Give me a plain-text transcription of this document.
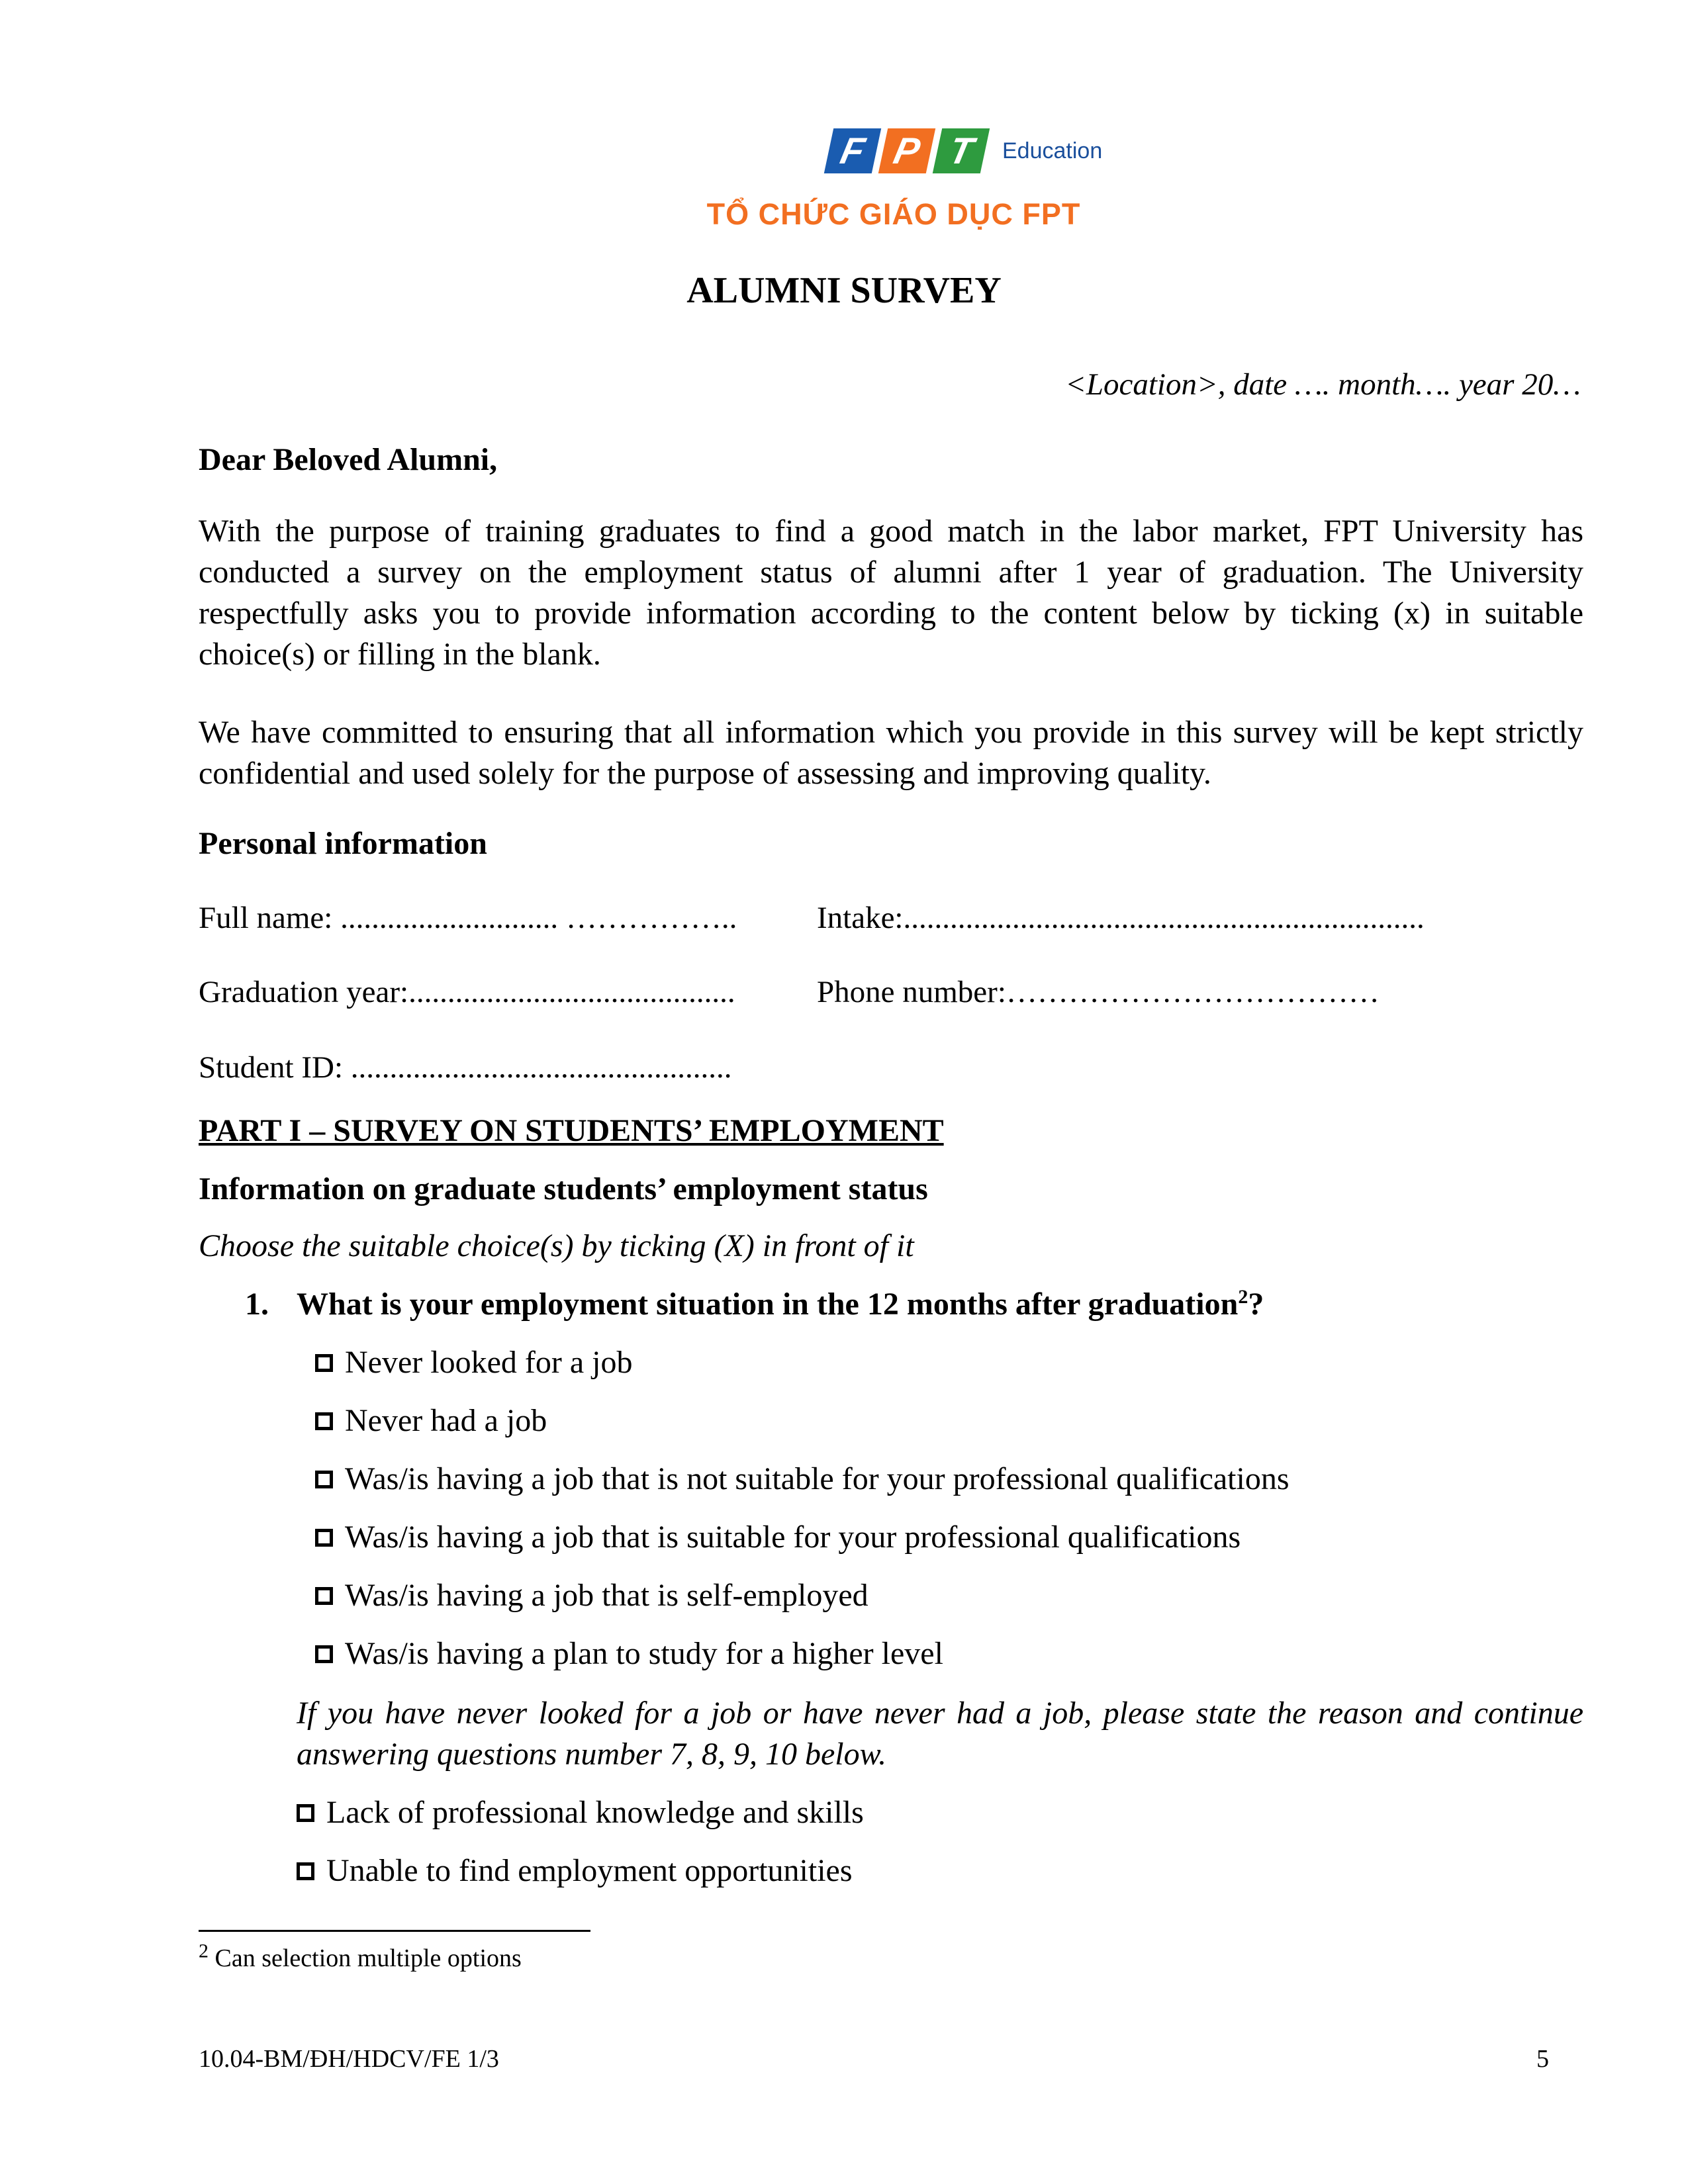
F P T	Education
TỔ CHỨC GIÁO DỤC FPT
ALUMNI SURVEY
<Location>, date …. month…. year 20…
Dear Beloved Alumni,
With the purpose of training graduates to find a good match in the labor market, FPT University has conducted a survey on the employment status of alumni after 1 year of graduation. The University respectfully asks you to provide information according to the content below by ticking (x) in suitable choice(s) or filling in the blank.
We have committed to ensuring that all information which you provide in this survey will be kept strictly confidential and used solely for the purpose of assessing and improving quality.
Personal information
Full name: ............................ ……………..	Intake:...................................................................
Graduation year:..........................................	Phone number:………………………………
Student ID: .................................................
PART I – SURVEY ON STUDENTS’ EMPLOYMENT
Information on graduate students’ employment status
Choose the suitable choice(s) by ticking (X) in front of it
1. What is your employment situation in the 12 months after graduation$^2$?
Never looked for a job
Never had a job
Was/is having a job that is not suitable for your professional qualifications
Was/is having a job that is suitable for your professional qualifications
Was/is having a job that is self-employed
Was/is having a plan to study for a higher level
If you have never looked for a job or have never had a job, please state the reason and continue answering questions number 7, 8, 9, 10 below.
Lack of professional knowledge and skills
Unable to find employment opportunities
$^2$ Can selection multiple options
10.04-BM/ĐH/HDCV/FE 1/3	5
